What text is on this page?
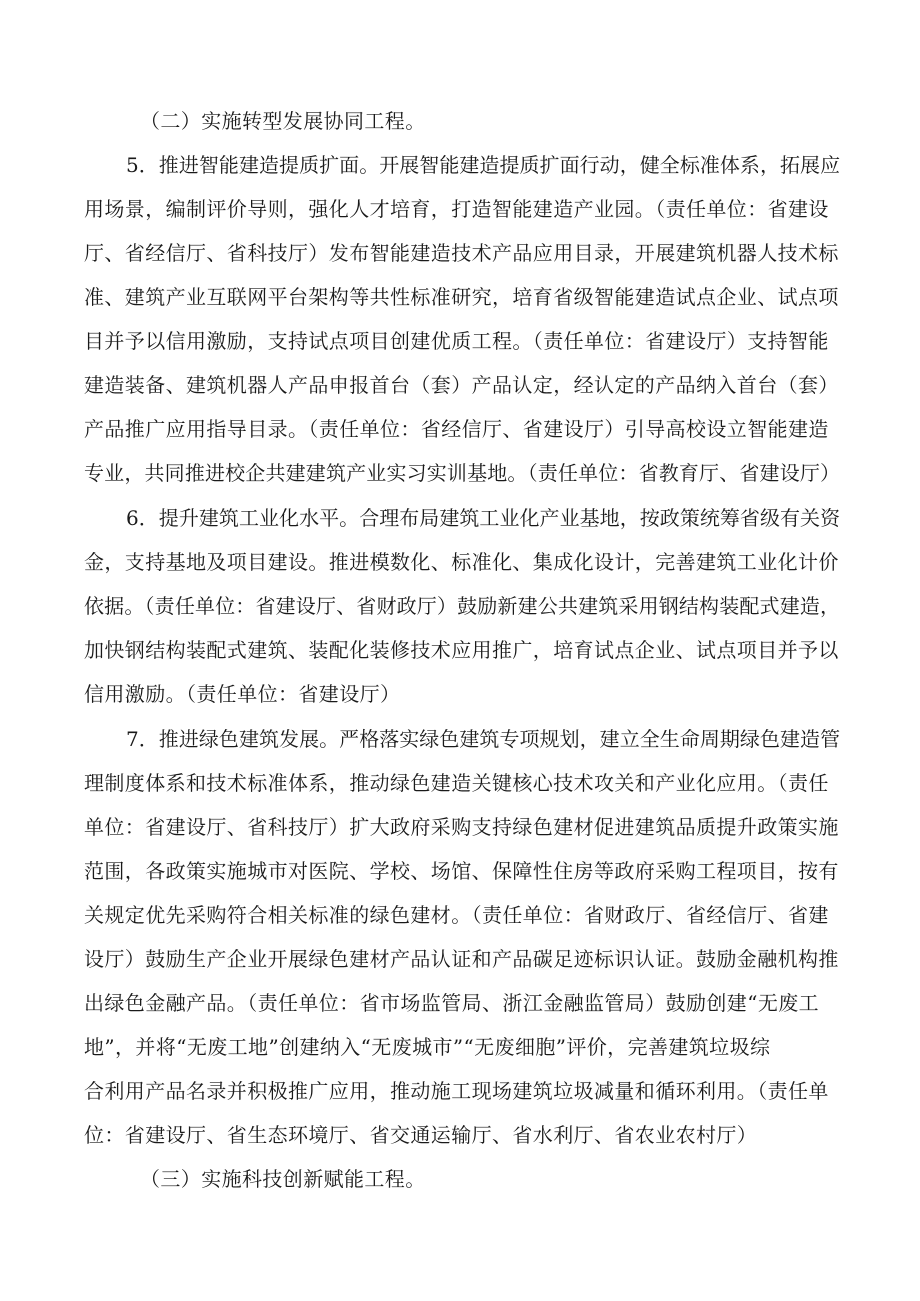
（二）实施转型发展协同工程。
5．推进智能建造提质扩面。开展智能建造提质扩面行动，健全标准体系，拓展应
用场景，编制评价导则，强化人才培育，打造智能建造产业园。（责任单位：省建设
厅、省经信厅、省科技厅）发布智能建造技术产品应用目录，开展建筑机器人技术标
准、建筑产业互联网平台架构等共性标准研究，培育省级智能建造试点企业、试点项
目并予以信用激励，支持试点项目创建优质工程。（责任单位：省建设厅）支持智能
建造装备、建筑机器人产品申报首台（套）产品认定，经认定的产品纳入首台（套）
产品推广应用指导目录。（责任单位：省经信厅、省建设厅）引导高校设立智能建造
专业，共同推进校企共建建筑产业实习实训基地。（责任单位：省教育厅、省建设厅）
6．提升建筑工业化水平。合理布局建筑工业化产业基地，按政策统筹省级有关资
金，支持基地及项目建设。推进模数化、标准化、集成化设计，完善建筑工业化计价
依据。（责任单位：省建设厅、省财政厅）鼓励新建公共建筑采用钢结构装配式建造，
加快钢结构装配式建筑、装配化装修技术应用推广，培育试点企业、试点项目并予以
信用激励。（责任单位：省建设厅）
7．推进绿色建筑发展。严格落实绿色建筑专项规划，建立全生命周期绿色建造管
理制度体系和技术标准体系，推动绿色建造关键核心技术攻关和产业化应用。（责任
单位：省建设厅、省科技厅）扩大政府采购支持绿色建材促进建筑品质提升政策实施
范围，各政策实施城市对医院、学校、场馆、保障性住房等政府采购工程项目，按有
关规定优先采购符合相关标准的绿色建材。（责任单位：省财政厅、省经信厅、省建
设厅）鼓励生产企业开展绿色建材产品认证和产品碳足迹标识认证。鼓励金融机构推
出绿色金融产品。（责任单位：省市场监管局、浙江金融监管局）鼓励创建“无废工
地”，并将“无废工地”创建纳入“无废城市”“无废细胞”评价，完善建筑垃圾综
合利用产品名录并积极推广应用，推动施工现场建筑垃圾减量和循环利用。（责任单
位：省建设厅、省生态环境厅、省交通运输厅、省水利厅、省农业农村厅）
（三）实施科技创新赋能工程。
